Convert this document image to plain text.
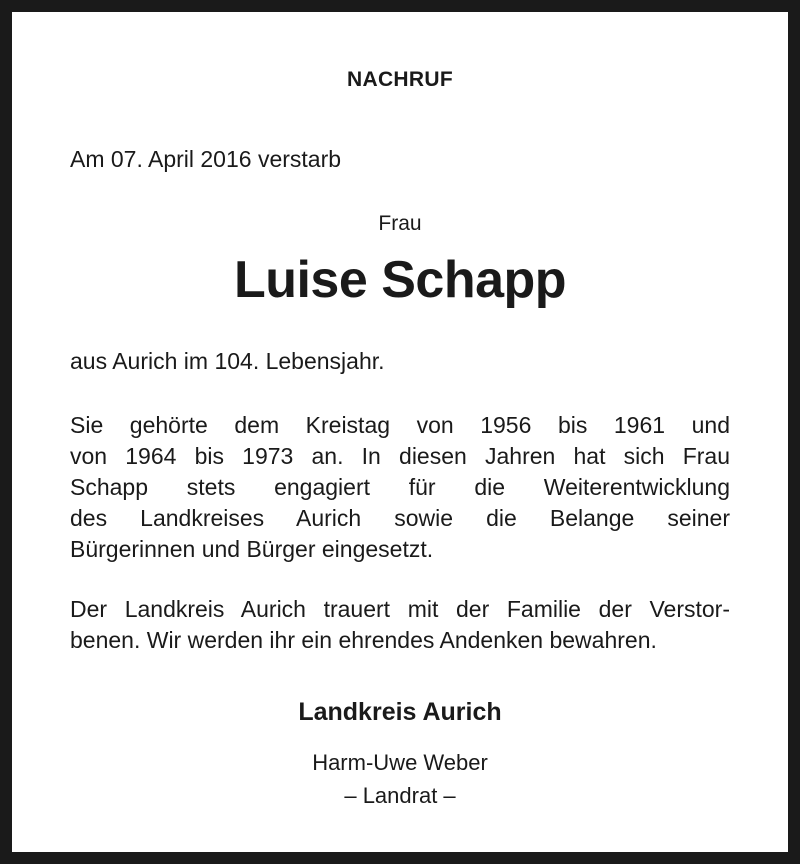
NACHRUF
Am 07. April 2016 verstarb
Frau
Luise Schapp
aus Aurich im 104. Lebensjahr.
Sie gehörte dem Kreistag von 1956 bis 1961 und
von 1964 bis 1973 an. In diesen Jahren hat sich Frau
Schapp stets engagiert für die Weiterentwicklung
des Landkreises Aurich sowie die Belange seiner
Bürgerinnen und Bürger eingesetzt.
Der Landkreis Aurich trauert mit der Familie der Verstor-
benen. Wir werden ihr ein ehrendes Andenken bewahren.
Landkreis Aurich
Harm-Uwe Weber
– Landrat –
